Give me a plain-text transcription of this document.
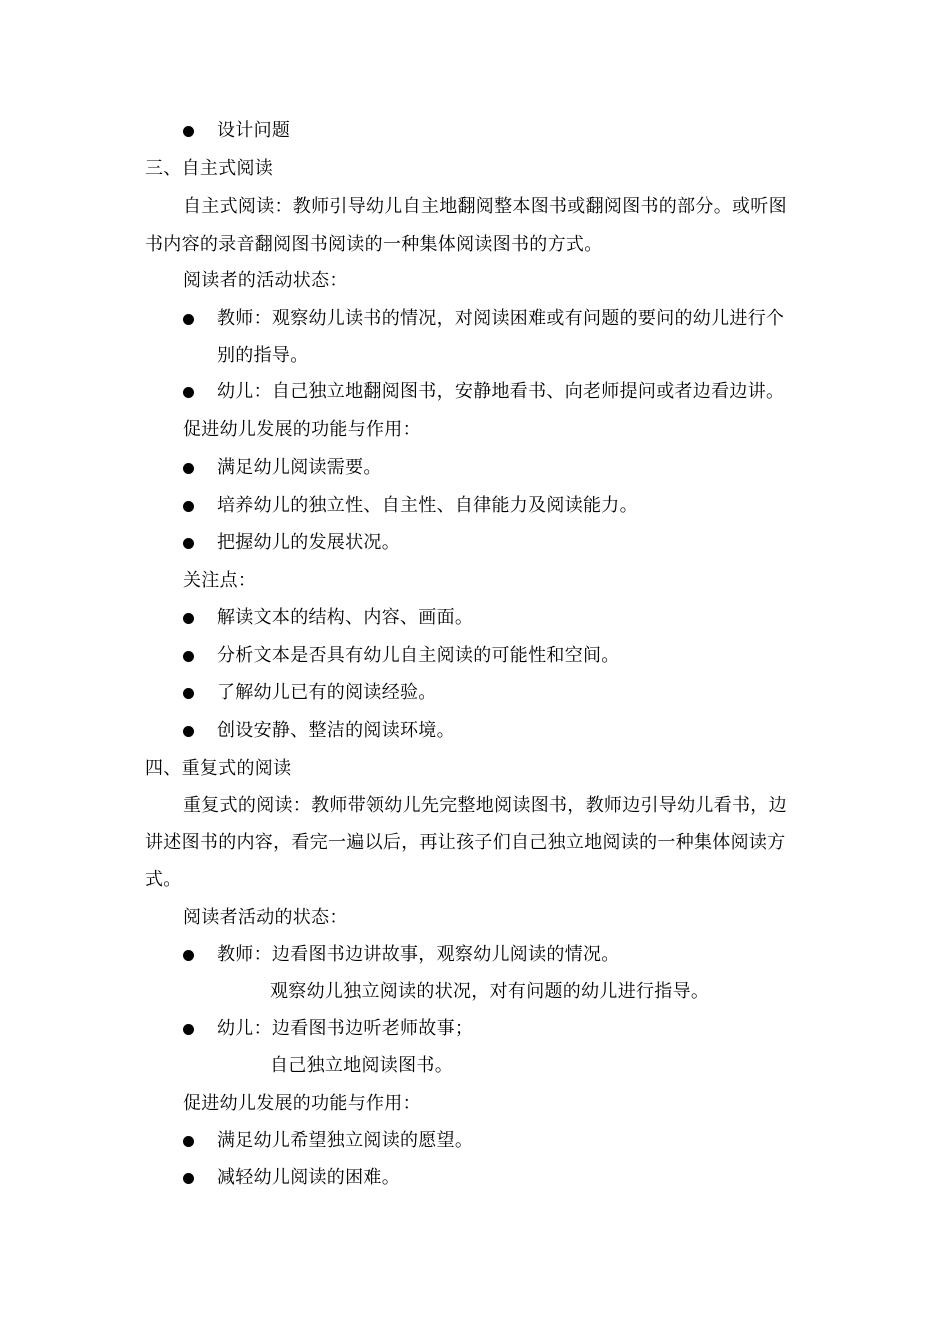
设计问题
三、自主式阅读
自主式阅读：教师引导幼儿自主地翻阅整本图书或翻阅图书的部分。或听图
书内容的录音翻阅图书阅读的一种集体阅读图书的方式。
阅读者的活动状态：
教师：观察幼儿读书的情况，对阅读困难或有问题的要问的幼儿进行个
别的指导。
幼儿：自己独立地翻阅图书，安静地看书、向老师提问或者边看边讲。
促进幼儿发展的功能与作用：
满足幼儿阅读需要。
培养幼儿的独立性、自主性、自律能力及阅读能力。
把握幼儿的发展状况。
关注点：
解读文本的结构、内容、画面。
分析文本是否具有幼儿自主阅读的可能性和空间。
了解幼儿已有的阅读经验。
创设安静、整洁的阅读环境。
四、重复式的阅读
重复式的阅读：教师带领幼儿先完整地阅读图书，教师边引导幼儿看书，边
讲述图书的内容，看完一遍以后，再让孩子们自己独立地阅读的一种集体阅读方
式。
阅读者活动的状态：
教师：边看图书边讲故事，观察幼儿阅读的情况。
观察幼儿独立阅读的状况，对有问题的幼儿进行指导。
幼儿：边看图书边听老师故事；
自己独立地阅读图书。
促进幼儿发展的功能与作用：
满足幼儿希望独立阅读的愿望。
减轻幼儿阅读的困难。
